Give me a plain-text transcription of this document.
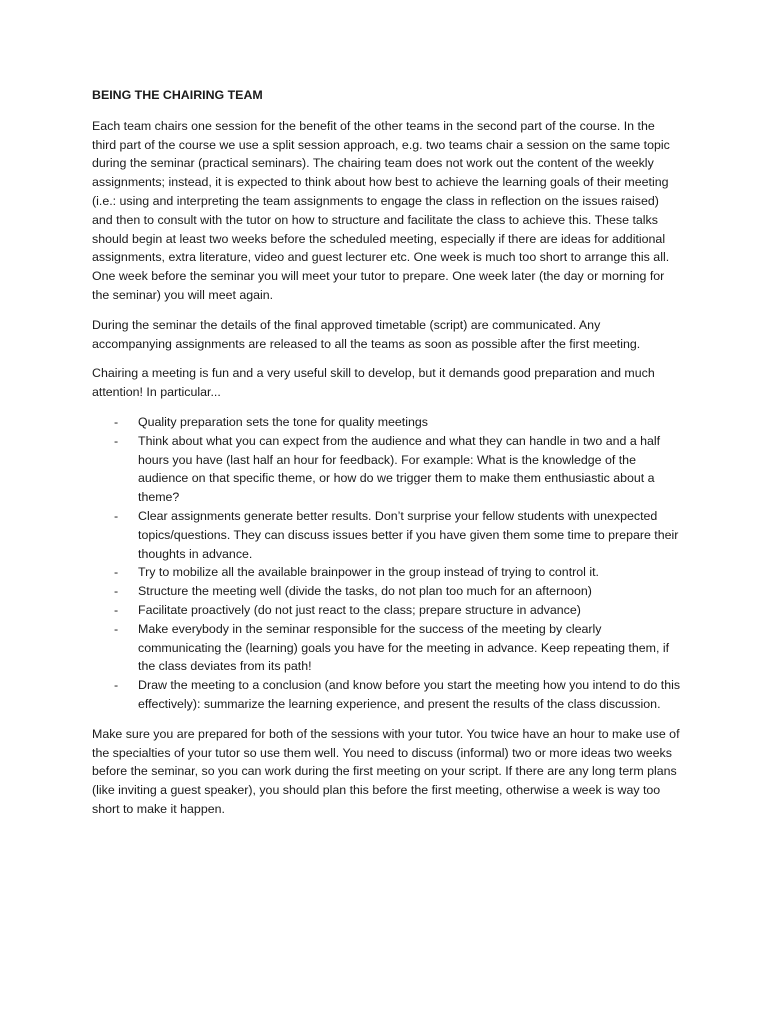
BEING THE CHAIRING TEAM

Each team chairs one session for the benefit of the other teams in the second part of the course. In the third part of the course we use a split session approach, e.g. two teams chair a session on the same topic during the seminar (practical seminars). The chairing team does not work out the content of the weekly assignments; instead, it is expected to think about how best to achieve the learning goals of their meeting (i.e.: using and interpreting the team assignments to engage the class in reflection on the issues raised) and then to consult with the tutor on how to structure and facilitate the class to achieve this. These talks should begin at least two weeks before the scheduled meeting, especially if there are ideas for additional assignments, extra literature, video and guest lecturer etc. One week is much too short to arrange this all. One week before the seminar you will meet your tutor to prepare. One week later (the day or morning for the seminar) you will meet again.

During the seminar the details of the final approved timetable (script) are communicated. Any accompanying assignments are released to all the teams as soon as possible after the first meeting.

Chairing a meeting is fun and a very useful skill to develop, but it demands good preparation and much attention! In particular...

- Quality preparation sets the tone for quality meetings
- Think about what you can expect from the audience and what they can handle in two and a half hours you have (last half an hour for feedback). For example: What is the knowledge of the audience on that specific theme, or how do we trigger them to make them enthusiastic about a theme?
- Clear assignments generate better results. Don’t surprise your fellow students with unexpected topics/questions. They can discuss issues better if you have given them some time to prepare their thoughts in advance.
- Try to mobilize all the available brainpower in the group instead of trying to control it.
- Structure the meeting well (divide the tasks, do not plan too much for an afternoon)
- Facilitate proactively (do not just react to the class; prepare structure in advance)
- Make everybody in the seminar responsible for the success of the meeting by clearly communicating the (learning) goals you have for the meeting in advance. Keep repeating them, if the class deviates from its path!
- Draw the meeting to a conclusion (and know before you start the meeting how you intend to do this effectively): summarize the learning experience, and present the results of the class discussion.

Make sure you are prepared for both of the sessions with your tutor. You twice have an hour to make use of the specialties of your tutor so use them well. You need to discuss (informal) two or more ideas two weeks before the seminar, so you can work during the first meeting on your script. If there are any long term plans (like inviting a guest speaker), you should plan this before the first meeting, otherwise a week is way too short to make it happen.
